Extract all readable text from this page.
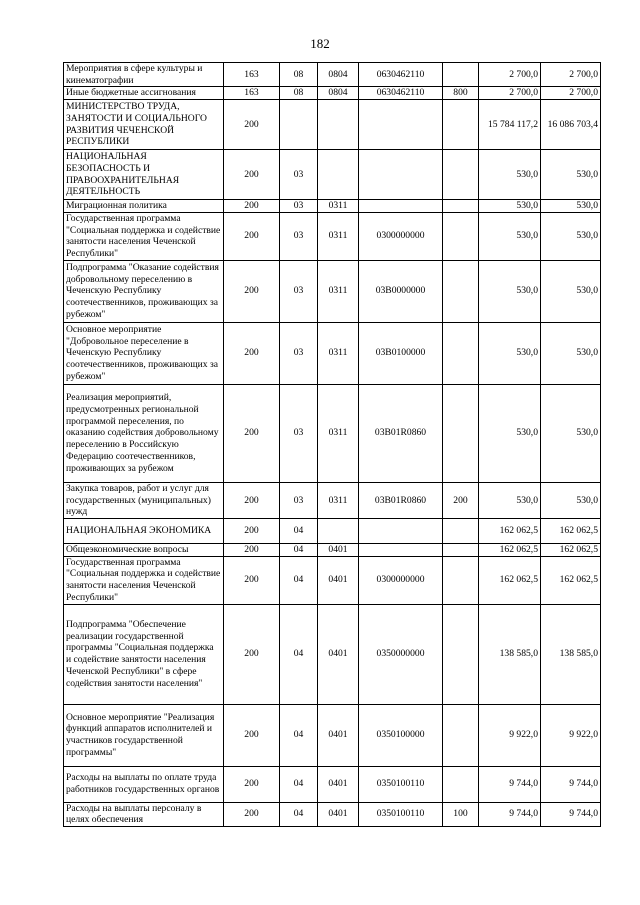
182
Мероприятия в сфере культуры и кинематографии	163	08	0804	0630462110		2 700,0	2 700,0
Иные бюджетные ассигнования	163	08	0804	0630462110	800	2 700,0	2 700,0
МИНИСТЕРСТВО ТРУДА, ЗАНЯТОСТИ И СОЦИАЛЬНОГО РАЗВИТИЯ ЧЕЧЕНСКОЙ РЕСПУБЛИКИ	200					15 784 117,2	16 086 703,4
НАЦИОНАЛЬНАЯ БЕЗОПАСНОСТЬ И ПРАВООХРАНИТЕЛЬНАЯ ДЕЯТЕЛЬНОСТЬ	200	03				530,0	530,0
Миграционная политика	200	03	0311			530,0	530,0
Государственная программа "Социальная поддержка и содействие занятости населения Чеченской Республики"	200	03	0311	0300000000		530,0	530,0
Подпрограмма "Оказание содействия добровольному переселению в Чеченскую Республику соотечественников, проживающих за рубежом"	200	03	0311	03В0000000		530,0	530,0
Основное мероприятие "Добровольное переселение в Чеченскую Республику соотечественников, проживающих за рубежом"	200	03	0311	03В0100000		530,0	530,0
Реализация мероприятий, предусмотренных региональной программой переселения, по оказанию содействия добровольному переселению в Российскую Федерацию соотечественников, проживающих за рубежом	200	03	0311	03В01R0860		530,0	530,0
Закупка товаров, работ и услуг для государственных (муниципальных) нужд	200	03	0311	03В01R0860	200	530,0	530,0
НАЦИОНАЛЬНАЯ ЭКОНОМИКА	200	04				162 062,5	162 062,5
Общеэкономические вопросы	200	04	0401			162 062,5	162 062,5
Государственная программа "Социальная поддержка и содействие занятости населения Чеченской Республики"	200	04	0401	0300000000		162 062,5	162 062,5
Подпрограмма "Обеспечение реализации государственной программы "Социальная поддержка и содействие занятости населения Чеченской Республики" в сфере содействия занятости населения"	200	04	0401	0350000000		138 585,0	138 585,0
Основное мероприятие "Реализация функций аппаратов исполнителей и участников государственной программы"	200	04	0401	0350100000		9 922,0	9 922,0
Расходы на выплаты по оплате труда работников государственных органов	200	04	0401	0350100110		9 744,0	9 744,0
Расходы на выплаты персоналу в целях обеспечения	200	04	0401	0350100110	100	9 744,0	9 744,0
